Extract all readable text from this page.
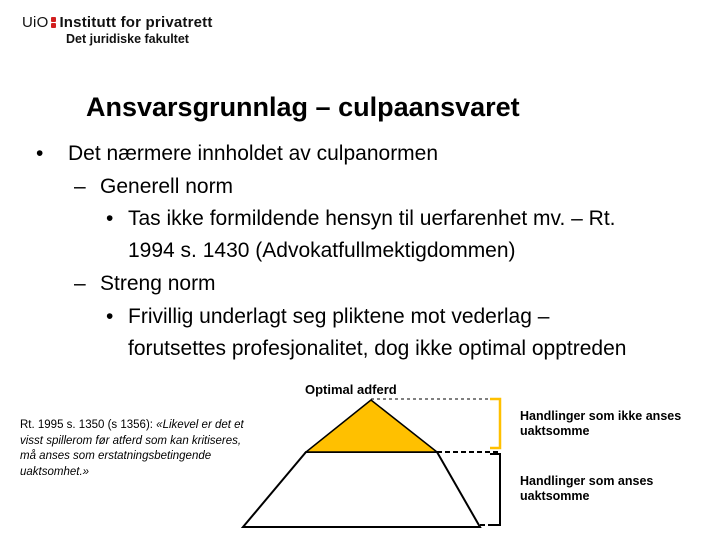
UiO Institutt for privatrett
Det juridiske fakultet
Ansvarsgrunnlag – culpaansvaret
• Det nærmere innholdet av culpanormen
– Generell norm
• Tas ikke formildende hensyn til uerfarenhet mv. – Rt.
1994 s. 1430 (Advokatfullmektigdommen)
– Streng norm
• Frivillig underlagt seg pliktene mot vederlag –
forutsettes profesjonalitet, dog ikke optimal opptreden
Optimal adferd
Rt. 1995 s. 1350 (s 1356): «Likevel er det et visst spillerom før atferd som kan kritiseres, må anses som erstatningsbetingende uaktsomhet.»
Handlinger som ikke anses uaktsomme
Handlinger som anses uaktsomme
